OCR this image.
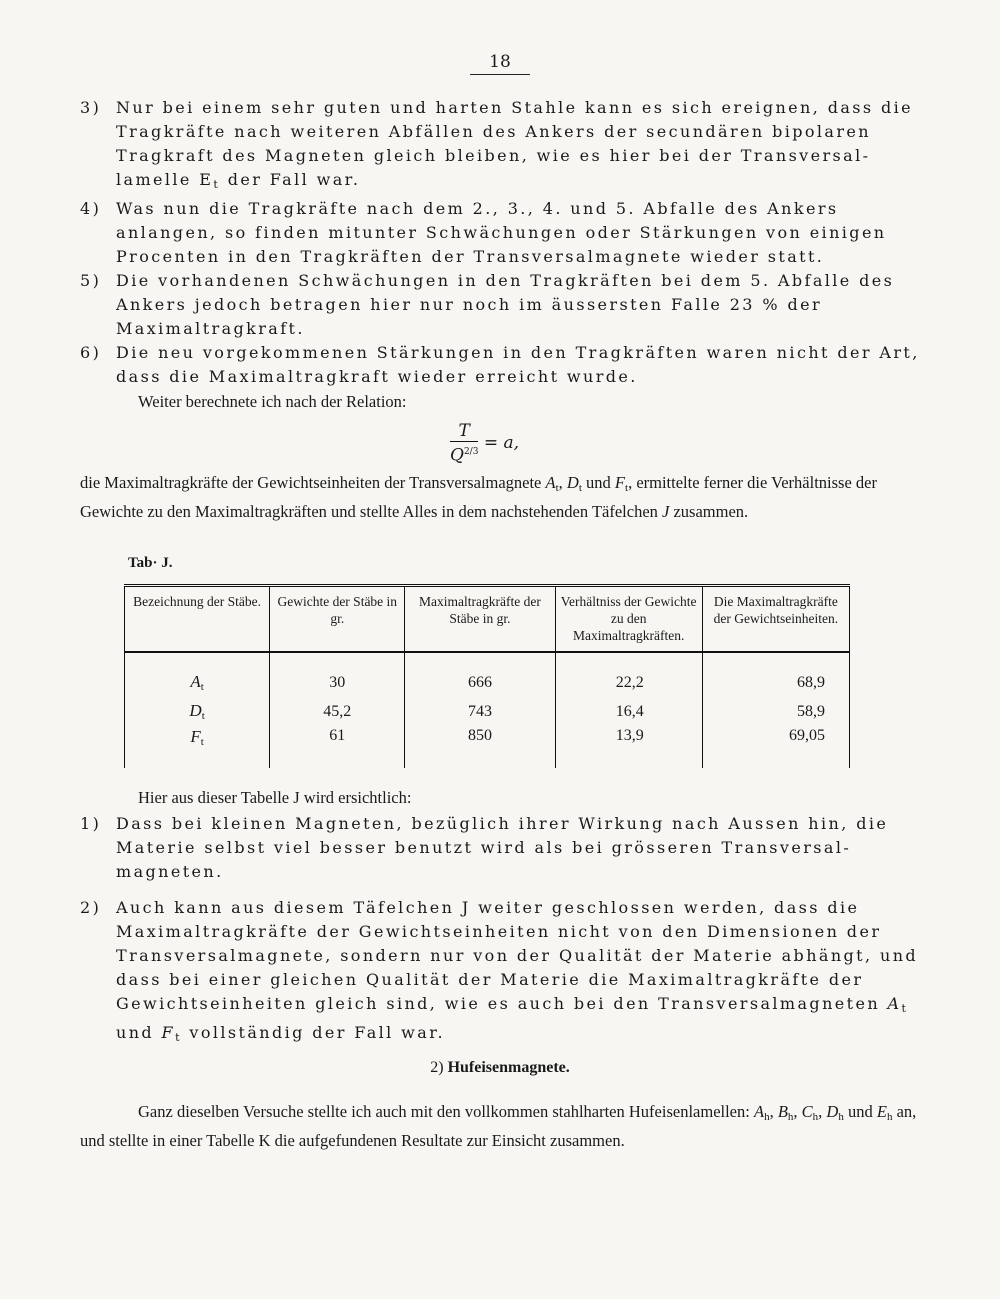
18
3) Nur bei einem sehr guten und harten Stahle kann es sich ereignen, dass die Tragkräfte nach weiteren Abfällen des Ankers der secundären bipolaren Tragkraft des Magneten gleich bleiben, wie es hier bei der Transversallamelle $E_t$ der Fall war.
4) Was nun die Tragkräfte nach dem 2., 3., 4. und 5. Abfalle des Ankers anlangen, so finden mitunter Schwächungen oder Stärkungen von einigen Procenten in den Tragkräften der Transversalmagnete wieder statt.
5) Die vorhandenen Schwächungen in den Tragkräften bei dem 5. Abfalle des Ankers jedoch betragen hier nur noch im äussersten Falle 23 % der Maximaltragkraft.
6) Die neu vorgekommenen Stärkungen in den Tragkräften waren nicht der Art, dass die Maximaltragkraft wieder erreicht wurde.
Weiter berechnete ich nach der Relation:
$\frac{T}{Q^{2/3}} = a$,
die Maximaltragkräfte der Gewichtseinheiten der Transversalmagnete $A_t$, $D_t$ und $F_t$, ermittelte ferner die Verhältnisse der Gewichte zu den Maximaltragkräften und stellte Alles in dem nachstehenden Täfelchen J zusammen.
Tab· J.
Bezeichnung der Stäbe.	Gewichte der Stäbe in gr.	Maximaltragkräfte der Stäbe in gr.	Verhältniss der Gewichte zu den Maximaltragkräften.	Die Maximaltragkräfte der Gewichtseinheiten.
$A_t$	30	666	22,2	68,9
$D_t$	45,2	743	16,4	58,9
$F_t$	61	850	13,9	69,05
Hier aus dieser Tabelle J wird ersichtlich:
1) Dass bei kleinen Magneten, bezüglich ihrer Wirkung nach Aussen hin, die Materie selbst viel besser benutzt wird als bei grösseren Transversalmagneten.
2) Auch kann aus diesem Täfelchen J weiter geschlossen werden, dass die Maximaltragkräfte der Gewichtseinheiten nicht von den Dimensionen der Transversalmagnete, sondern nur von der Qualität der Materie abhängt, und dass bei einer gleichen Qualität der Materie die Maximaltragkräfte der Gewichtseinheiten gleich sind, wie es auch bei den Transversalmagneten $A_t$ und $F_t$ vollständig der Fall war.
2) Hufeisenmagnete.
Ganz dieselben Versuche stellte ich auch mit den vollkommen stahlharten Hufeisenlamellen: $A_h$, $B_h$, $C_h$, $D_h$ und $E_h$ an, und stellte in einer Tabelle K die aufgefundenen Resultate zur Einsicht zusammen.
